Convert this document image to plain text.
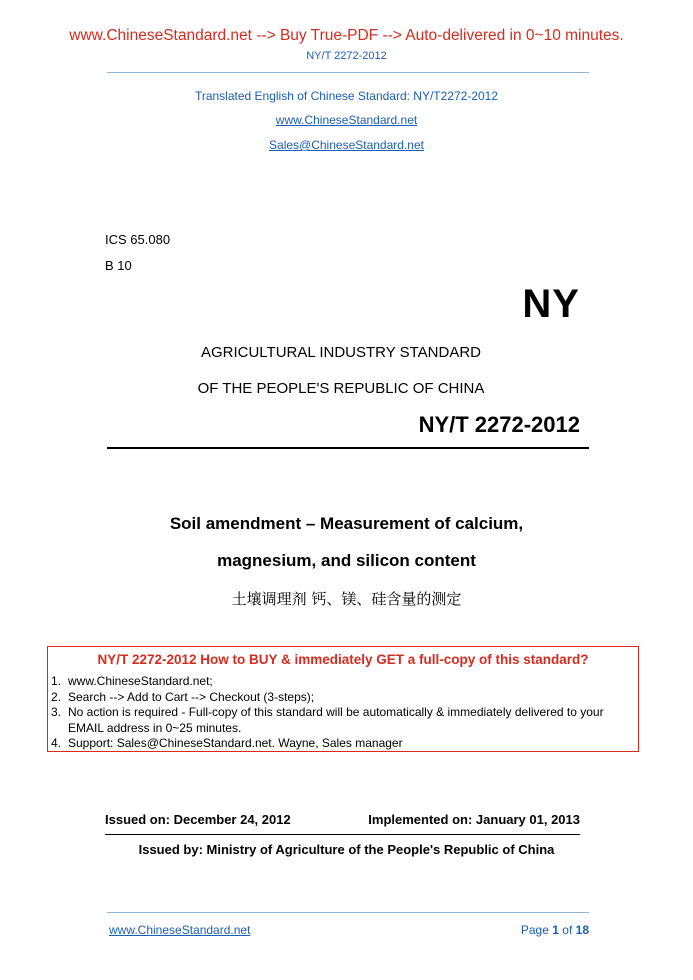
www.ChineseStandard.net --> Buy True-PDF --> Auto-delivered in 0~10 minutes.
NY/T 2272-2012
Translated English of Chinese Standard: NY/T2272-2012
www.ChineseStandard.net
Sales@ChineseStandard.net
ICS 65.080
B 10
NY
AGRICULTURAL INDUSTRY STANDARD
OF THE PEOPLE'S REPUBLIC OF CHINA
NY/T 2272-2012
Soil amendment – Measurement of calcium,
magnesium, and silicon content
土壤调理剂 钙、镁、硅含量的测定
NY/T 2272-2012 How to BUY & immediately GET a full-copy of this standard?
1. www.ChineseStandard.net;
2. Search --> Add to Cart --> Checkout (3-steps);
3. No action is required - Full-copy of this standard will be automatically & immediately delivered to your EMAIL address in 0~25 minutes.
4. Support: Sales@ChineseStandard.net. Wayne, Sales manager
Issued on: December 24, 2012	Implemented on: January 01, 2013
Issued by: Ministry of Agriculture of the People's Republic of China
www.ChineseStandard.net	Page 1 of 18
